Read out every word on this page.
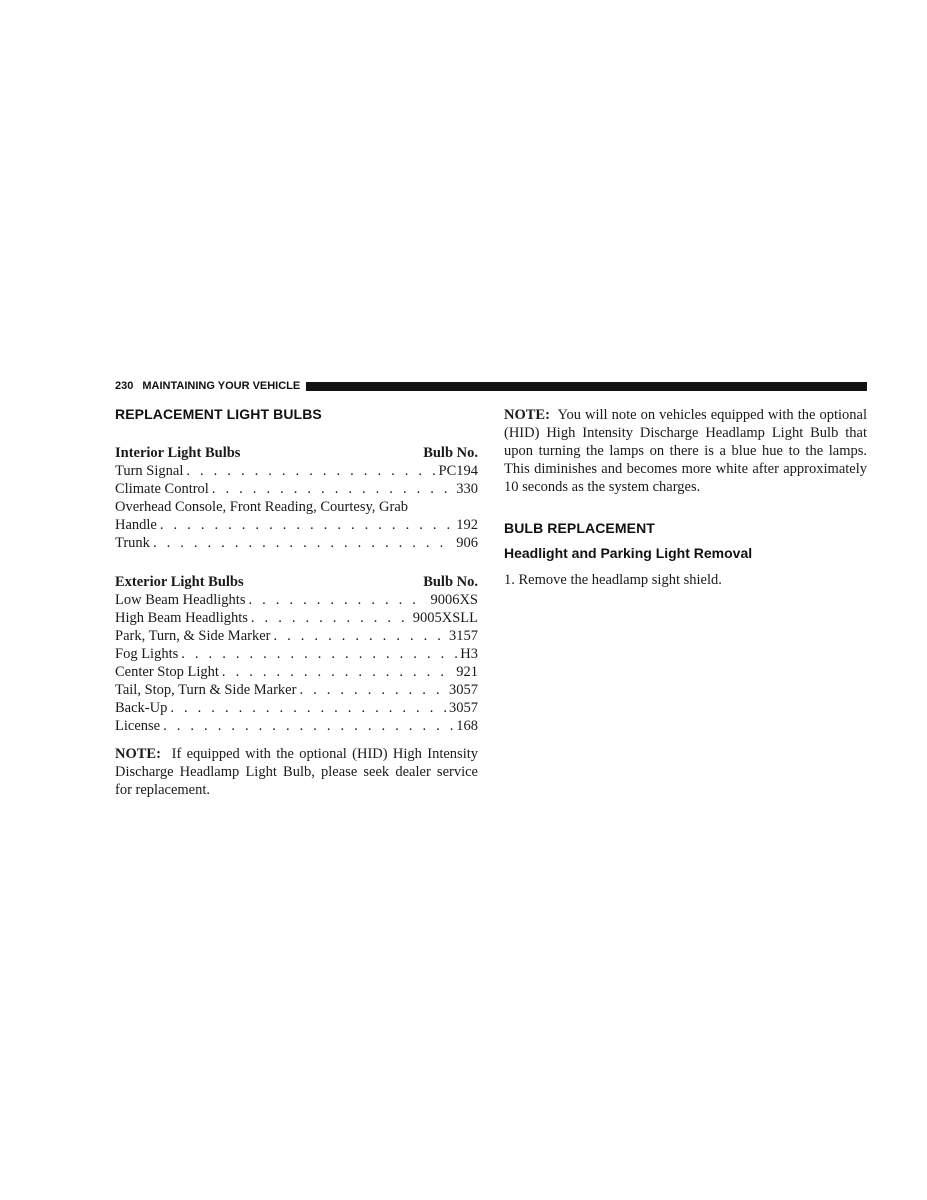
230 MAINTAINING YOUR VEHICLE
REPLACEMENT LIGHT BULBS
Interior Light Bulbs	Bulb No.
Turn Signal . . .	PC194
Climate Control . . .	330
Overhead Console, Front Reading, Courtesy, Grab
Handle . . .	192
Trunk . . .	906
Exterior Light Bulbs	Bulb No.
Low Beam Headlights . . .	9006XS
High Beam Headlights . . .	9005XSLL
Park, Turn, & Side Marker . . .	3157
Fog Lights . . .	H3
Center Stop Light . . .	921
Tail, Stop, Turn & Side Marker . . .	3057
Back-Up . . .	3057
License . . .	168

NOTE: If equipped with the optional (HID) High Intensity Discharge Headlamp Light Bulb, please seek dealer service for replacement.

NOTE: You will note on vehicles equipped with the optional (HID) High Intensity Discharge Headlamp Light Bulb that upon turning the lamps on there is a blue hue to the lamps. This diminishes and becomes more white after approximately 10 seconds as the system charges.

BULB REPLACEMENT
Headlight and Parking Light Removal

1. Remove the headlamp sight shield.
